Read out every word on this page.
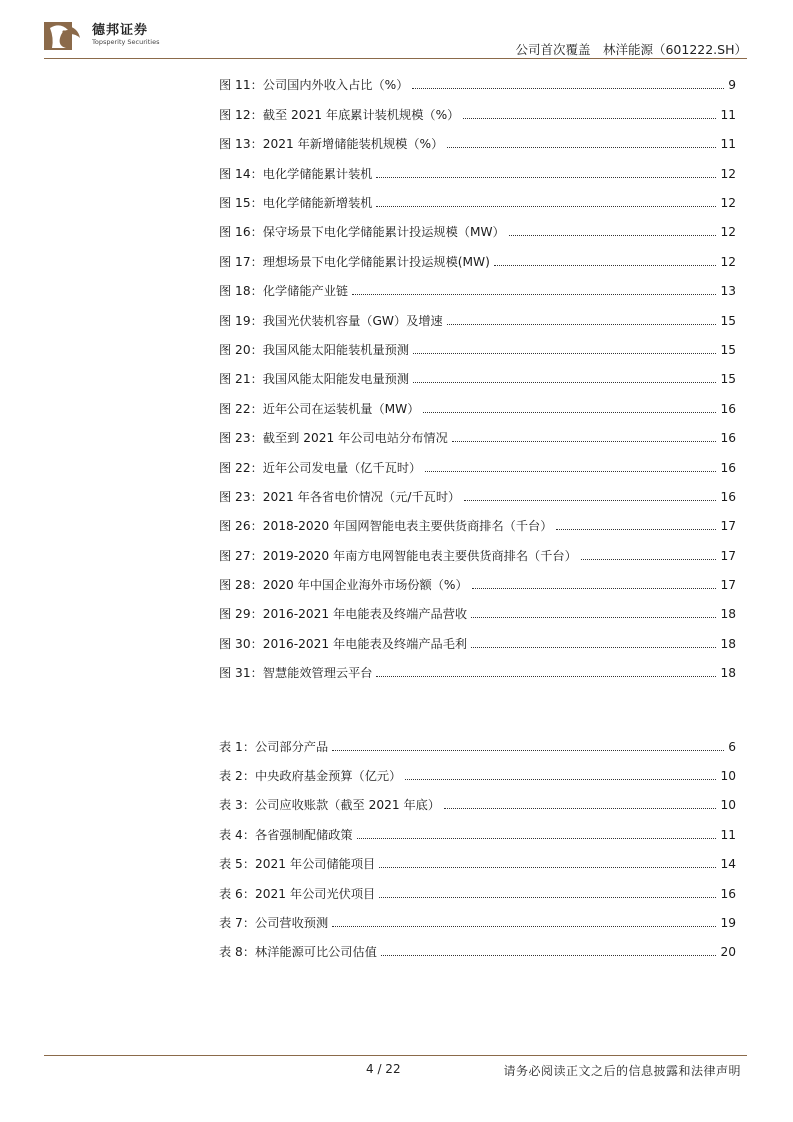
德邦证券
Topsperity Securities	公司首次覆盖　林洋能源（601222.SH）
图 11：公司国内外收入占比（%）	9
图 12：截至 2021 年底累计装机规模（%）	11
图 13：2021 年新增储能装机规模（%）	11
图 14：电化学储能累计装机	12
图 15：电化学储能新增装机	12
图 16：保守场景下电化学储能累计投运规模（MW）	12
图 17：理想场景下电化学储能累计投运规模(MW)	12
图 18：化学储能产业链	13
图 19：我国光伏装机容量（GW）及增速	15
图 20：我国风能太阳能装机量预测	15
图 21：我国风能太阳能发电量预测	15
图 22：近年公司在运装机量（MW）	16
图 23：截至到 2021 年公司电站分布情况	16
图 22：近年公司发电量（亿千瓦时）	16
图 23：2021 年各省电价情况（元/千瓦时）	16
图 26：2018-2020 年国网智能电表主要供货商排名（千台）	17
图 27：2019-2020 年南方电网智能电表主要供货商排名（千台）	17
图 28：2020 年中国企业海外市场份额（%）	17
图 29：2016-2021 年电能表及终端产品营收	18
图 30：2016-2021 年电能表及终端产品毛利	18
图 31：智慧能效管理云平台	18
表 1：公司部分产品	6
表 2：中央政府基金预算（亿元）	10
表 3：公司应收账款（截至 2021 年底）	10
表 4：各省强制配储政策	11
表 5：2021 年公司储能项目	14
表 6：2021 年公司光伏项目	16
表 7：公司营收预测	19
表 8：林洋能源可比公司估值	20
4 / 22	请务必阅读正文之后的信息披露和法律声明
